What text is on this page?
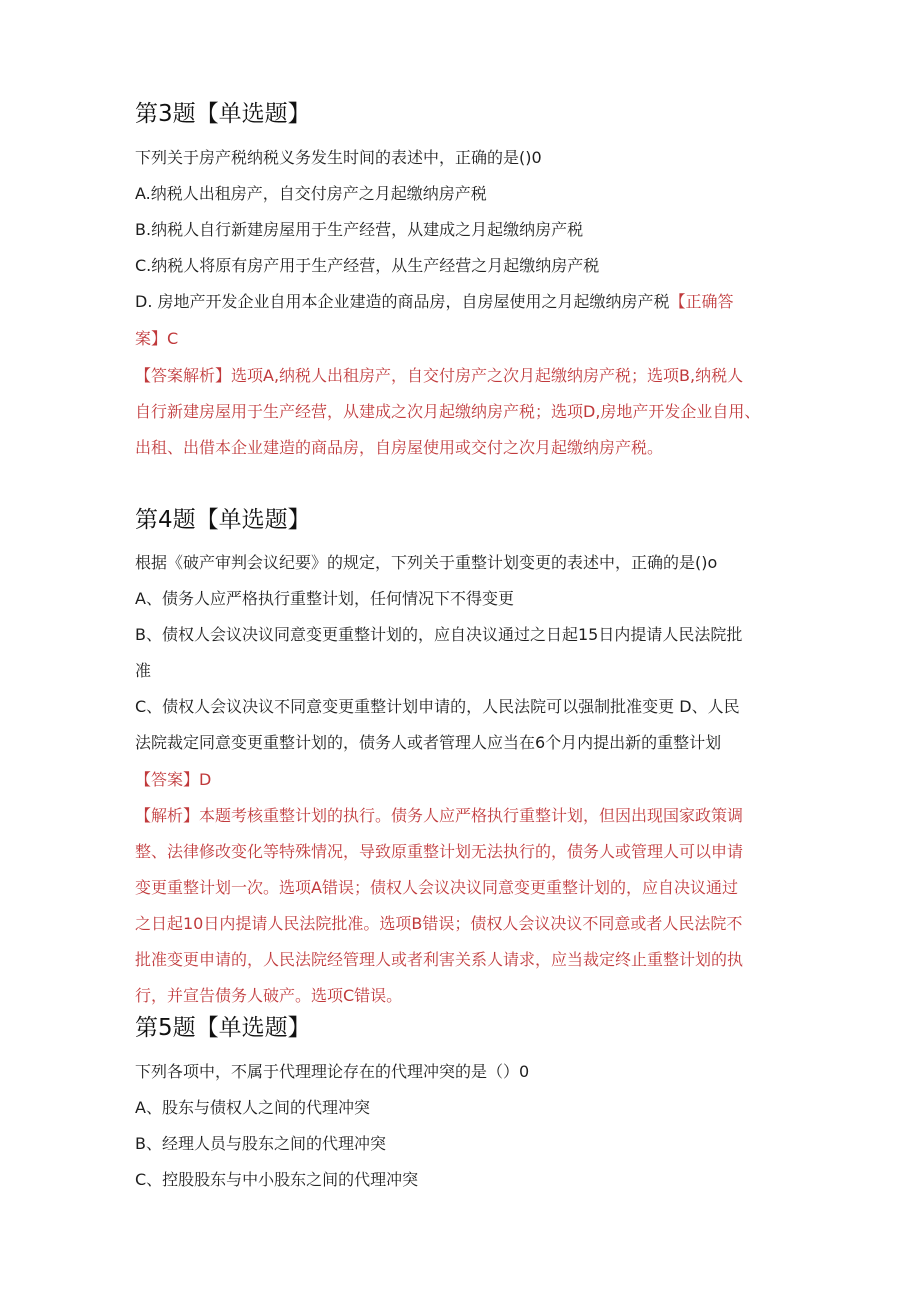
第3题【单选题】
下列关于房产税纳税义务发生时间的表述中，正确的是()0
A.纳税人出租房产，自交付房产之月起缴纳房产税
B.纳税人自行新建房屋用于生产经营，从建成之月起缴纳房产税
C.纳税人将原有房产用于生产经营，从生产经营之月起缴纳房产税
D. 房地产开发企业自用本企业建造的商品房，自房屋使用之月起缴纳房产税【正确答
案】C
【答案解析】选项A,纳税人出租房产，自交付房产之次月起缴纳房产税；选项B,纳税人
自行新建房屋用于生产经营，从建成之次月起缴纳房产税；选项D,房地产开发企业自用、
出租、出借本企业建造的商品房，自房屋使用或交付之次月起缴纳房产税。
第4题【单选题】
根据《破产审判会议纪要》的规定，下列关于重整计划变更的表述中，正确的是()o
A、债务人应严格执行重整计划，任何情况下不得变更
B、债权人会议决议同意变更重整计划的，应自决议通过之日起15日内提请人民法院批
准
C、债权人会议决议不同意变更重整计划申请的，人民法院可以强制批准变更 D、人民
法院裁定同意变更重整计划的，债务人或者管理人应当在6个月内提出新的重整计划
【答案】D
【解析】本题考核重整计划的执行。债务人应严格执行重整计划，但因出现国家政策调
整、法律修改变化等特殊情况，导致原重整计划无法执行的，债务人或管理人可以申请
变更重整计划一次。选项A错误；债权人会议决议同意变更重整计划的，应自决议通过
之日起10日内提请人民法院批准。选项B错误；债权人会议决议不同意或者人民法院不
批准变更申请的，人民法院经管理人或者利害关系人请求，应当裁定终止重整计划的执
行，并宣告债务人破产。选项C错误。
第5题【单选题】
下列各项中，不属于代理理论存在的代理冲突的是（）0
A、股东与债权人之间的代理冲突
B、经理人员与股东之间的代理冲突
C、控股股东与中小股东之间的代理冲突
